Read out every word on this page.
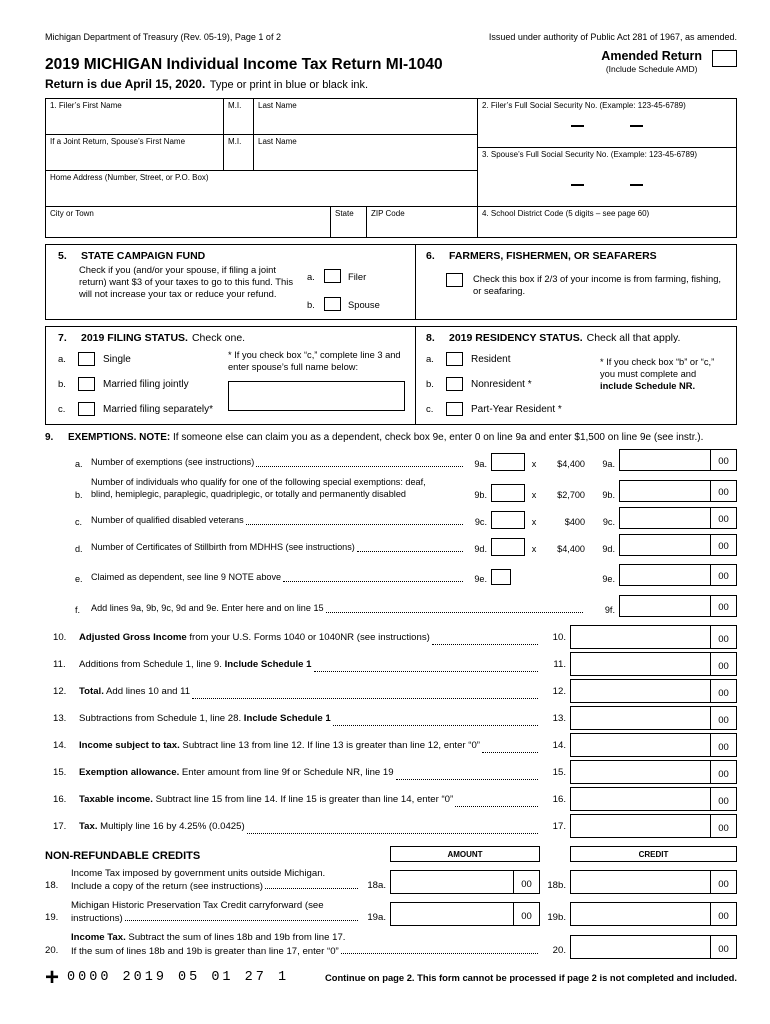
Michigan Department of Treasury (Rev. 05-19), Page 1 of 2	Issued under authority of Public Act 281 of 1967, as amended.
2019 MICHIGAN Individual Income Tax Return MI-1040	Amended Return
(Include Schedule AMD)
Return is due April 15, 2020. Type or print in blue or black ink.
1. Filer’s First Name	M.I.	Last Name
If a Joint Return, Spouse’s First Name	M.I.	Last Name
Home Address (Number, Street, or P.O. Box)
City or Town	State	ZIP Code
2. Filer’s Full Social Security No. (Example: 123-45-6789)
3. Spouse’s Full Social Security No. (Example: 123-45-6789)
4. School District Code (5 digits – see page 60)
5.	STATE CAMPAIGN FUND
Check if you (and/or your spouse, if filing a joint return) want $3 of your taxes to go to this fund. This will not increase your tax or reduce your refund.
a.	Filer
b.	Spouse
6.	FARMERS, FISHERMEN, OR SEAFARERS
Check this box if 2/3 of your income is from farming, fishing, or seafaring.
7.	2019 FILING STATUS. Check one.
a.	Single
b.	Married filing jointly
c.	Married filing separately*
* If you check box “c,” complete line 3 and enter spouse’s full name below:
8.	2019 RESIDENCY STATUS. Check all that apply.
a.	Resident
b.	Nonresident *
c.	Part-Year Resident *
* If you check box “b” or “c,” you must complete and include Schedule NR.
9.	EXEMPTIONS. NOTE: If someone else can claim you as a dependent, check box 9e, enter 0 on line 9a and enter $1,500 on line 9e (see instr.).
a. Number of exemptions (see instructions)	9a.	x	$4,400	9a.	00
b.
Number of individuals who qualify for one of the following special exemptions: deaf,
blind, hemiplegic, paraplegic, quadriplegic, or totally and permanently disabled	9b.	x	$2,700	9b.	00
c. Number of qualified disabled veterans	9c.	x	$400	9c.	00
d. Number of Certificates of Stillbirth from MDHHS (see instructions)	9d.	x	$4,400	9d.	00
e. Claimed as dependent, see line 9 NOTE above	9e.	9e.	00
f.	Add lines 9a, 9b, 9c, 9d and 9e. Enter here and on line 15	9f.	00
10.	Adjusted Gross Income from your U.S. Forms 1040 or 1040NR (see instructions)	10.	00
11.	Additions from Schedule 1, line 9. Include Schedule 1	11.	00
12.	Total. Add lines 10 and 11	12.	00
13.	Subtractions from Schedule 1, line 28. Include Schedule 1	13.	00
14.	Income subject to tax. Subtract line 13 from line 12. If line 13 is greater than line 12, enter “0”	14.	00
15.	Exemption allowance. Enter amount from line 9f or Schedule NR, line 19	15.	00
16.	Taxable income. Subtract line 15 from line 14. If line 15 is greater than line 14, enter “0”	16.	00
17.	Tax. Multiply line 16 by 4.25% (0.0425)	17.	00
NON-REFUNDABLE CREDITS	AMOUNT	CREDIT
18.
Income Tax imposed by government units outside Michigan.
Include a copy of the return (see instructions)	18a.	00	18b.	00
19.
Michigan Historic Preservation Tax Credit carryforward (see
instructions)	19a.	00	19b.	00
20.
Income Tax. Subtract the sum of lines 18b and 19b from line 17.
If the sum of lines 18b and 19b is greater than line 17, enter “0”	20.	00
+ 0000 2019 05 01 27 1	Continue on page 2. This form cannot be processed if page 2 is not completed and included.
